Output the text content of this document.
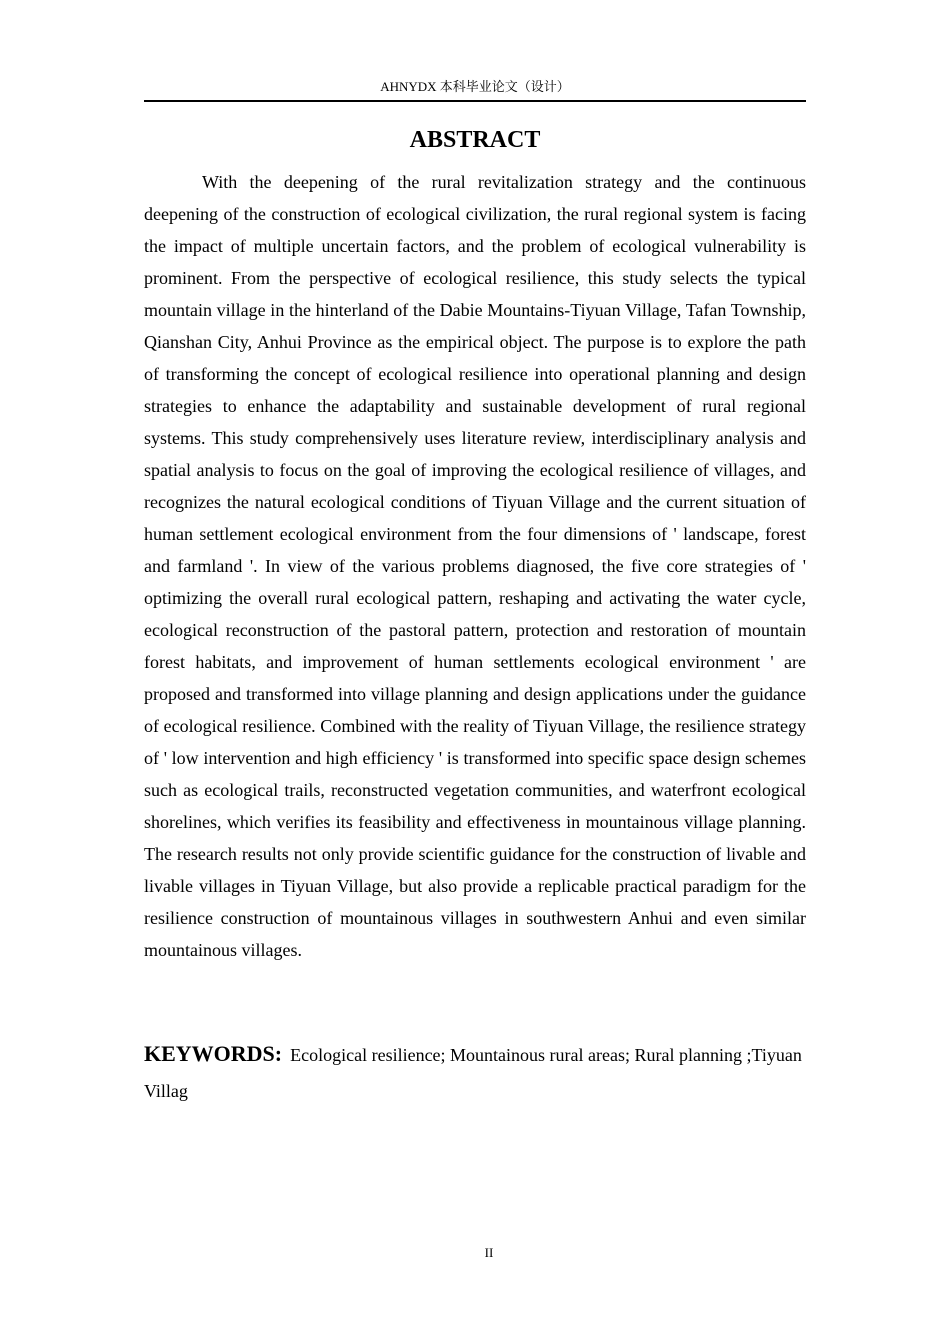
AHNYDX 本科毕业论文（设计）
ABSTRACT

With the deepening of the rural revitalization strategy and the continuous deepening of the construction of ecological civilization, the rural regional system is facing the impact of multiple uncertain factors, and the problem of ecological vulnerability is prominent. From the perspective of ecological resilience, this study selects the typical mountain village in the hinterland of the Dabie Mountains-Tiyuan Village, Tafan Township, Qianshan City, Anhui Province as the empirical object. The purpose is to explore the path of transforming the concept of ecological resilience into operational planning and design strategies to enhance the adaptability and sustainable development of rural regional systems. This study comprehensively uses literature review, interdisciplinary analysis and spatial analysis to focus on the goal of improving the ecological resilience of villages, and recognizes the natural ecological conditions of Tiyuan Village and the current situation of human settlement ecological environment from the four dimensions of ' landscape, forest and farmland '. In view of the various problems diagnosed, the five core strategies of ' optimizing the overall rural ecological pattern, reshaping and activating the water cycle, ecological reconstruction of the pastoral pattern, protection and restoration of mountain forest habitats, and improvement of human settlements ecological environment ' are proposed and transformed into village planning and design applications under the guidance of ecological resilience. Combined with the reality of Tiyuan Village, the resilience strategy of ' low intervention and high efficiency ' is transformed into specific space design schemes such as ecological trails, reconstructed vegetation communities, and waterfront ecological shorelines, which verifies its feasibility and effectiveness in mountainous village planning. The research results not only provide scientific guidance for the construction of livable and livable villages in Tiyuan Village, but also provide a replicable practical paradigm for the resilience construction of mountainous villages in southwestern Anhui and even similar mountainous villages.

KEYWORDS: Ecological resilience; Mountainous rural areas; Rural planning ;Tiyuan Villag

II
